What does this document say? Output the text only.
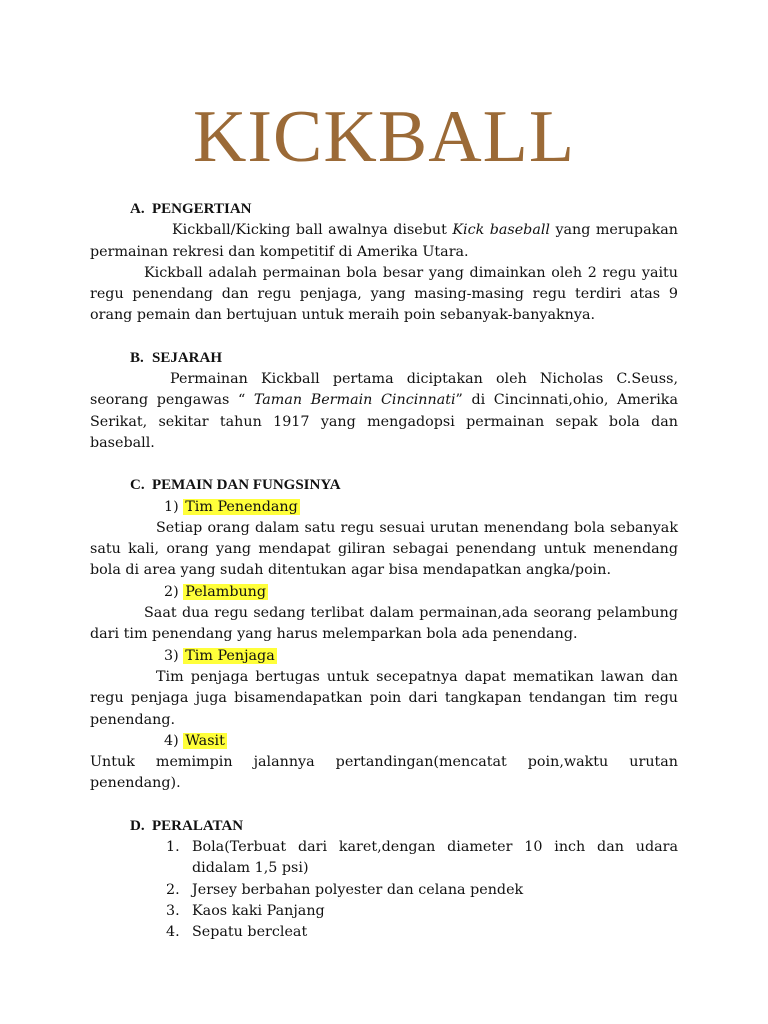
KICKBALL
A. PENGERTIAN

Kickball/Kicking ball awalnya disebut Kick baseball yang merupakan permainan rekresi dan kompetitif di Amerika Utara.

Kickball adalah permainan bola besar yang dimainkan oleh 2 regu yaitu regu penendang dan regu penjaga, yang masing-masing regu terdiri atas 9 orang pemain dan bertujuan untuk meraih poin sebanyak-banyaknya.

B. SEJARAH

Permainan Kickball pertama diciptakan oleh Nicholas C.Seuss, seorang pengawas “ Taman Bermain Cincinnati” di Cincinnati,ohio, Amerika Serikat, sekitar tahun 1917 yang mengadopsi permainan sepak bola dan baseball.

C. PEMAIN DAN FUNGSINYA
1) Tim Penendang

Setiap orang dalam satu regu sesuai urutan menendang bola sebanyak satu kali, orang yang mendapat giliran sebagai penendang untuk menendang bola di area yang sudah ditentukan agar bisa mendapatkan angka/poin.

2) Pelambung

Saat dua regu sedang terlibat dalam permainan,ada seorang pelambung dari tim penendang yang harus melemparkan bola ada penendang.

3) Tim Penjaga

Tim penjaga bertugas untuk secepatnya dapat mematikan lawan dan regu penjaga juga bisamendapatkan poin dari tangkapan tendangan tim regu penendang.

4) Wasit

Untuk memimpin jalannya pertandingan(mencatat poin,waktu urutan penendang).

D. PERALATAN
1. Bola(Terbuat dari karet,dengan diameter 10 inch dan udara didalam 1,5 psi)
2. Jersey berbahan polyester dan celana pendek
3. Kaos kaki Panjang
4. Sepatu bercleat
